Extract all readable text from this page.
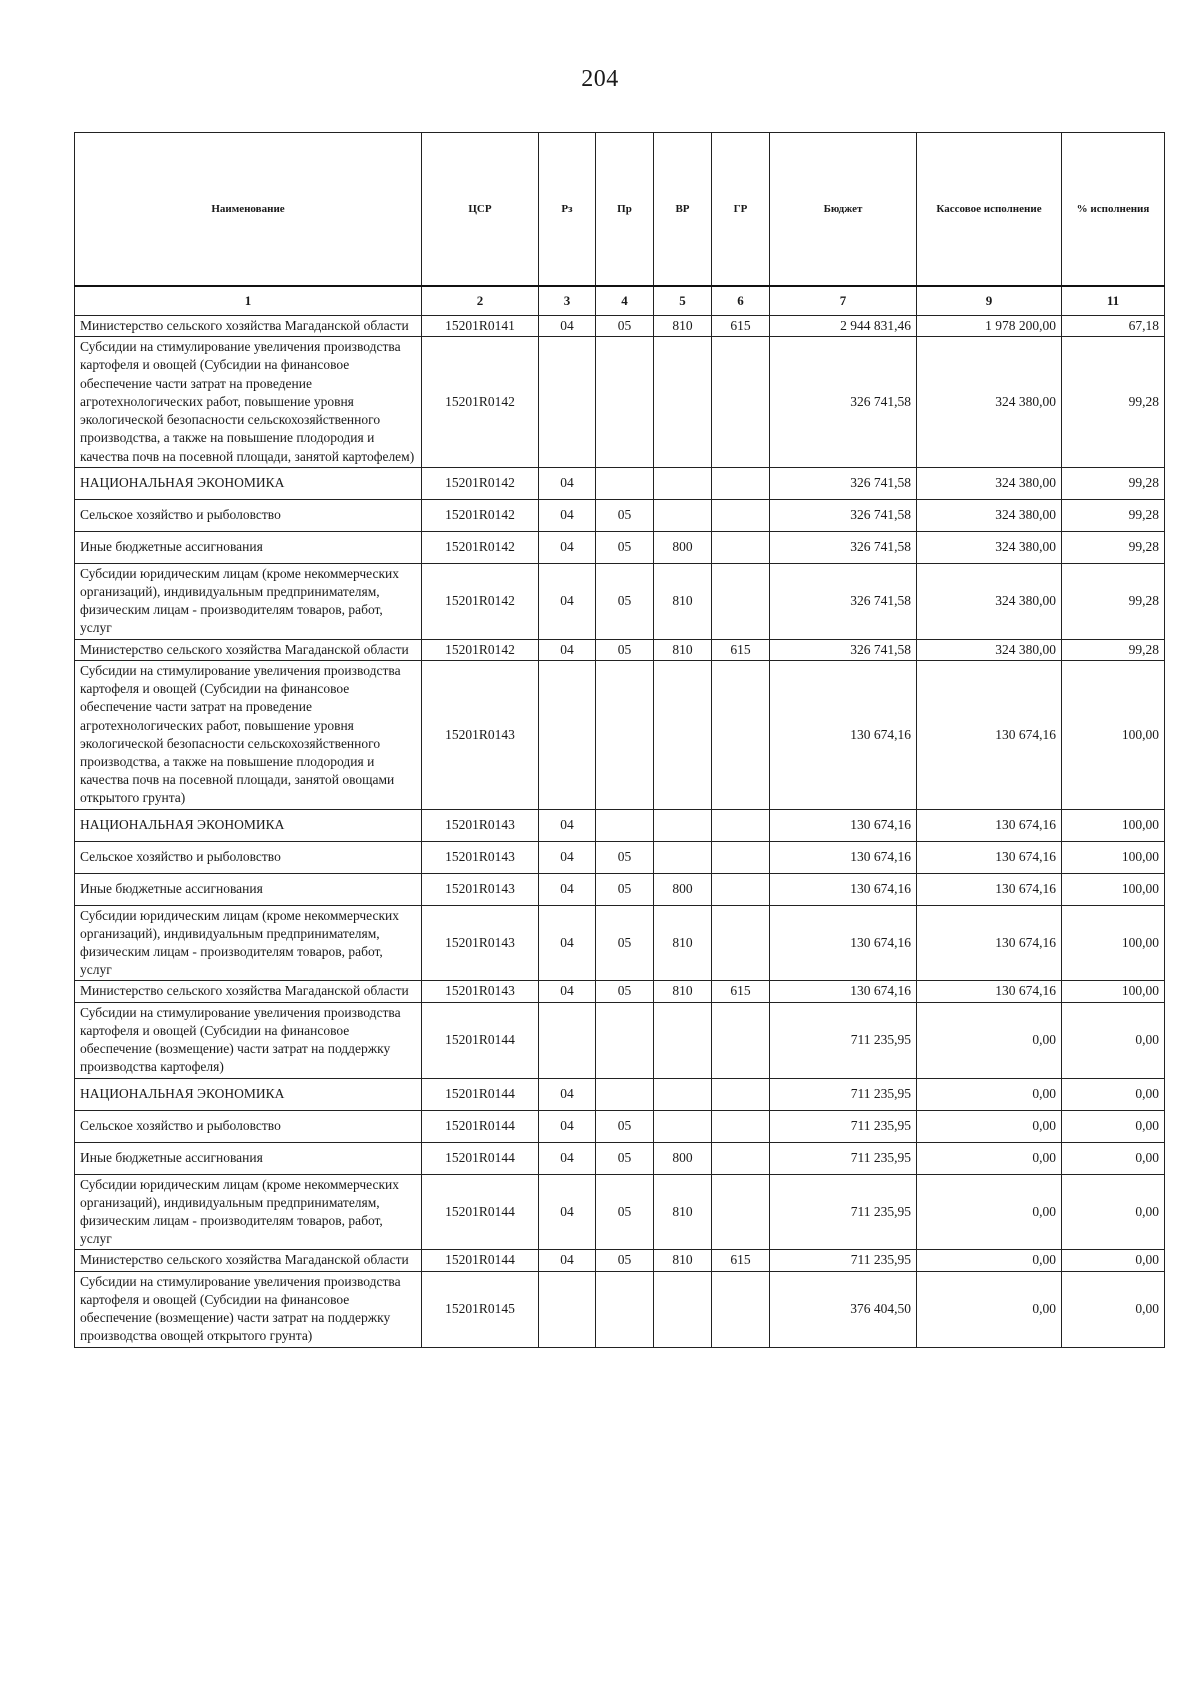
204
Наименование	ЦСР	Рз	Пр	ВР	ГР	Бюджет	Кассовое исполнение	% исполнения
1	2	3	4	5	6	7	9	11
Министерство сельского хозяйства Магаданской области	15201R0141	04	05	810	615	2 944 831,46	1 978 200,00	67,18
Субсидии на стимулирование увеличения производства картофеля и овощей (Субсидии на финансовое обеспечение части затрат на проведение агротехнологических работ, повышение уровня экологической безопасности сельскохозяйственного производства, а также на повышение плодородия и качества почв на посевной площади, занятой картофелем)	15201R0142					326 741,58	324 380,00	99,28
НАЦИОНАЛЬНАЯ ЭКОНОМИКА	15201R0142	04				326 741,58	324 380,00	99,28
Сельское хозяйство и рыболовство	15201R0142	04	05			326 741,58	324 380,00	99,28
Иные бюджетные ассигнования	15201R0142	04	05	800		326 741,58	324 380,00	99,28
Субсидии юридическим лицам (кроме некоммерческих организаций), индивидуальным предпринимателям, физическим лицам - производителям товаров, работ, услуг	15201R0142	04	05	810		326 741,58	324 380,00	99,28
Министерство сельского хозяйства Магаданской области	15201R0142	04	05	810	615	326 741,58	324 380,00	99,28
Субсидии на стимулирование увеличения производства картофеля и овощей (Субсидии на финансовое обеспечение части затрат на проведение агротехнологических работ, повышение уровня экологической безопасности сельскохозяйственного производства, а также на повышение плодородия и качества почв на посевной площади, занятой овощами открытого грунта)	15201R0143					130 674,16	130 674,16	100,00
НАЦИОНАЛЬНАЯ ЭКОНОМИКА	15201R0143	04				130 674,16	130 674,16	100,00
Сельское хозяйство и рыболовство	15201R0143	04	05			130 674,16	130 674,16	100,00
Иные бюджетные ассигнования	15201R0143	04	05	800		130 674,16	130 674,16	100,00
Субсидии юридическим лицам (кроме некоммерческих организаций), индивидуальным предпринимателям, физическим лицам - производителям товаров, работ, услуг	15201R0143	04	05	810		130 674,16	130 674,16	100,00
Министерство сельского хозяйства Магаданской области	15201R0143	04	05	810	615	130 674,16	130 674,16	100,00
Субсидии на стимулирование увеличения производства картофеля и овощей (Субсидии на финансовое обеспечение (возмещение) части затрат на поддержку производства картофеля)	15201R0144					711 235,95	0,00	0,00
НАЦИОНАЛЬНАЯ ЭКОНОМИКА	15201R0144	04				711 235,95	0,00	0,00
Сельское хозяйство и рыболовство	15201R0144	04	05			711 235,95	0,00	0,00
Иные бюджетные ассигнования	15201R0144	04	05	800		711 235,95	0,00	0,00
Субсидии юридическим лицам (кроме некоммерческих организаций), индивидуальным предпринимателям, физическим лицам - производителям товаров, работ, услуг	15201R0144	04	05	810		711 235,95	0,00	0,00
Министерство сельского хозяйства Магаданской области	15201R0144	04	05	810	615	711 235,95	0,00	0,00
Субсидии на стимулирование увеличения производства картофеля и овощей (Субсидии на финансовое обеспечение (возмещение) части затрат на поддержку производства овощей открытого грунта)	15201R0145					376 404,50	0,00	0,00
